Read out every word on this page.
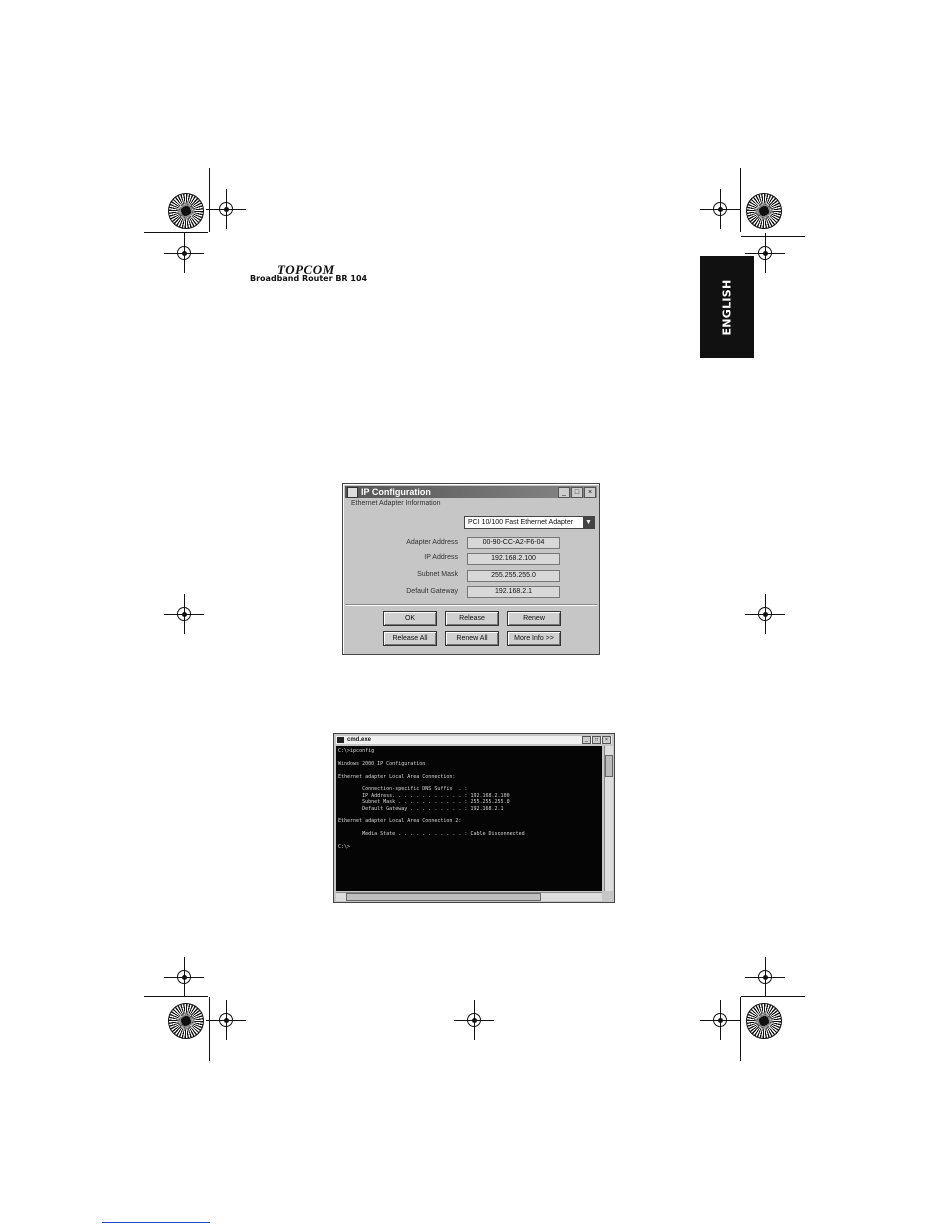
TOPCOM
Broadband Router BR 104
ENGLISH
IP Configuration	_	□	×
Ethernet Adapter Information
PCI 10/100 Fast Ethernet Adapter	▼
Adapter Address	00-90-CC-A2-F6-04
IP Address	192.168.2.100
Subnet Mask	255.255.255.0
Default Gateway	192.168.2.1
OK	Release	Renew
Release All	Renew All	More Info >>
cmd.exe	_	□	×
C:\>ipconfig

Windows 2000 IP Configuration

Ethernet adapter Local Area Connection:

Connection-specific DNS Suffix  . :
IP Address. . . . . . . . . . . . : 192.168.2.100
Subnet Mask . . . . . . . . . . . : 255.255.255.0
Default Gateway . . . . . . . . . : 192.168.2.1

Ethernet adapter Local Area Connection 2:

Media State . . . . . . . . . . . : Cable Disconnected

C:\>
